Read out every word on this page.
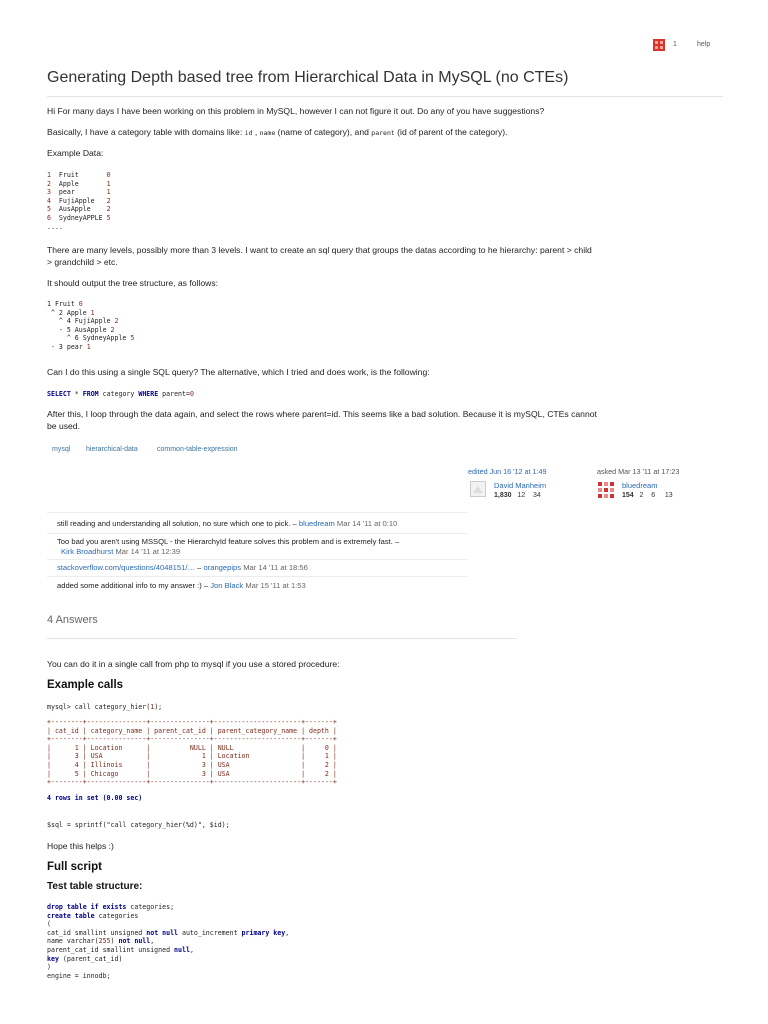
1	help
Generating Depth based tree from Hierarchical Data in MySQL (no CTEs)
Hi For many days I have been working on this problem in MySQL, however I can not figure it out. Do any of you have suggestions?
Basically, I have a category table with domains like: id , name (name of category), and parent (id of parent of the category).
Example Data:
1  Fruit       0
2  Apple       1
3  pear        1
4  FujiApple   2
5  AusApple    2
6  SydneyAPPLE 5
....
There are many levels, possibly more than 3 levels. I want to create an sql query that groups the datas according to he hierarchy: parent > child
> grandchild > etc.
It should output the tree structure, as follows:
1 Fruit 0
^ 2 Apple 1
^ 4 FujiApple 2
- 5 AusApple 2
^ 6 SydneyApple 5
- 3 pear 1
Can I do this using a single SQL query? The alternative, which I tried and does work, is the following:
SELECT * FROM category WHERE parent=0
After this, I loop through the data again, and select the rows where parent=id. This seems like a bad solution. Because it is mySQL, CTEs cannot
be used.
mysql hierarchical-data	common-table-expression
edited Jun 16 '12 at 1:49
David Manheim
1,830 12 34
asked Mar 13 '11 at 17:23
bluedream
154 2 6 13
still reading and understanding all solution, no sure which one to pick. – bluedream Mar 14 '11 at 0:10
Too bad you aren't using MSSQL - the HierarchyId feature solves this problem and is extremely fast. –
Kirk Broadhurst Mar 14 '11 at 12:39
stackoverflow.com/questions/4048151/… – orangepips Mar 14 '11 at 18:56
added some additional info to my answer :) – Jon Black Mar 15 '11 at 1:53
4 Answers
You can do it in a single call from php to mysql if you use a stored procedure:
Example calls
mysql> call category_hier(1);
+--------+---------------+---------------+----------------------+-------+
| cat_id | category_name | parent_cat_id | parent_category_name | depth |
+--------+---------------+---------------+----------------------+-------+
|      1 | Location      |          NULL | NULL                 |     0 |
|      3 | USA           |             1 | Location             |     1 |
|      4 | Illinois      |             3 | USA                  |     2 |
|      5 | Chicago       |             3 | USA                  |     2 |
+--------+---------------+---------------+----------------------+-------+
4 rows in set (0.00 sec)
$sql = sprintf("call category_hier(%d)", $id);
Hope this helps :)
Full script
Test table structure:
drop table if exists categories;
create table categories
(
cat_id smallint unsigned not null auto_increment primary key,
name varchar(255) not null,
parent_cat_id smallint unsigned null,
key (parent_cat_id)
)
engine = innodb;
